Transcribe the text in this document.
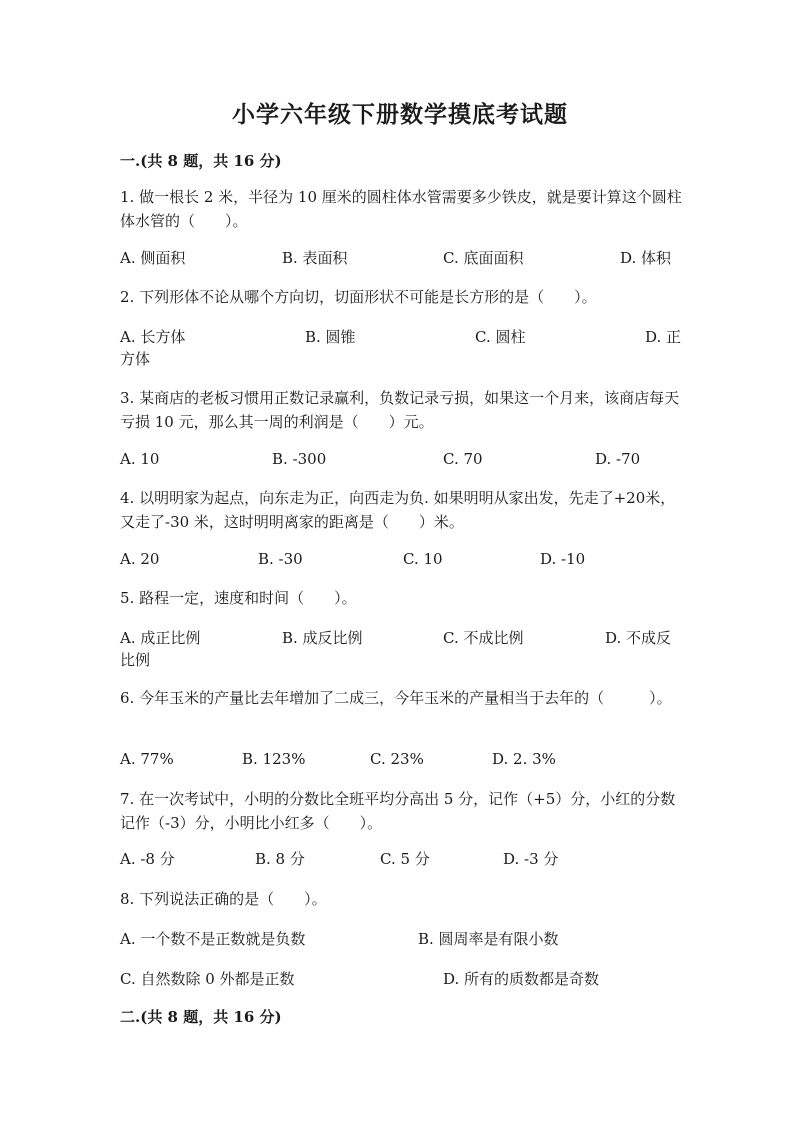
小学六年级下册数学摸底考试题
一.(共 8 题，共 16 分)
1. 做一根长 2 米，半径为 10 厘米的圆柱体水管需要多少铁皮，就是要计算这个圆柱体水管的（　　）。
A. 侧面积	B. 表面积	C. 底面面积	D. 体积
2. 下列形体不论从哪个方向切，切面形状不可能是长方形的是（　　）。
A. 长方体	B. 圆锥	C. 圆柱	D. 正
方体
3. 某商店的老板习惯用正数记录赢利，负数记录亏损，如果这一个月来，该商店每天亏损 10 元，那么其一周的利润是（　　）元。
A. 10	B. -300	C. 70	D. -70
4. 以明明家为起点，向东走为正，向西走为负. 如果明明从家出发，先走了+20米，又走了-30 米，这时明明离家的距离是（　　）米。
A. 20	B. -30	C. 10	D. -10
5. 路程一定，速度和时间（　　）。
A. 成正比例	B. 成反比例	C. 不成比例	D. 不成反
比例
6. 今年玉米的产量比去年增加了二成三，今年玉米的产量相当于去年的（　　　）。
A. 77%	B. 123%	C. 23%	D. 2. 3%
7. 在一次考试中，小明的分数比全班平均分高出 5 分，记作（+5）分，小红的分数记作（-3）分，小明比小红多（　　）。
A. -8 分	B. 8 分	C. 5 分	D. -3 分
8. 下列说法正确的是（　　）。
A. 一个数不是正数就是负数	B. 圆周率是有限小数
C. 自然数除 0 外都是正数	D. 所有的质数都是奇数
二.(共 8 题，共 16 分)
